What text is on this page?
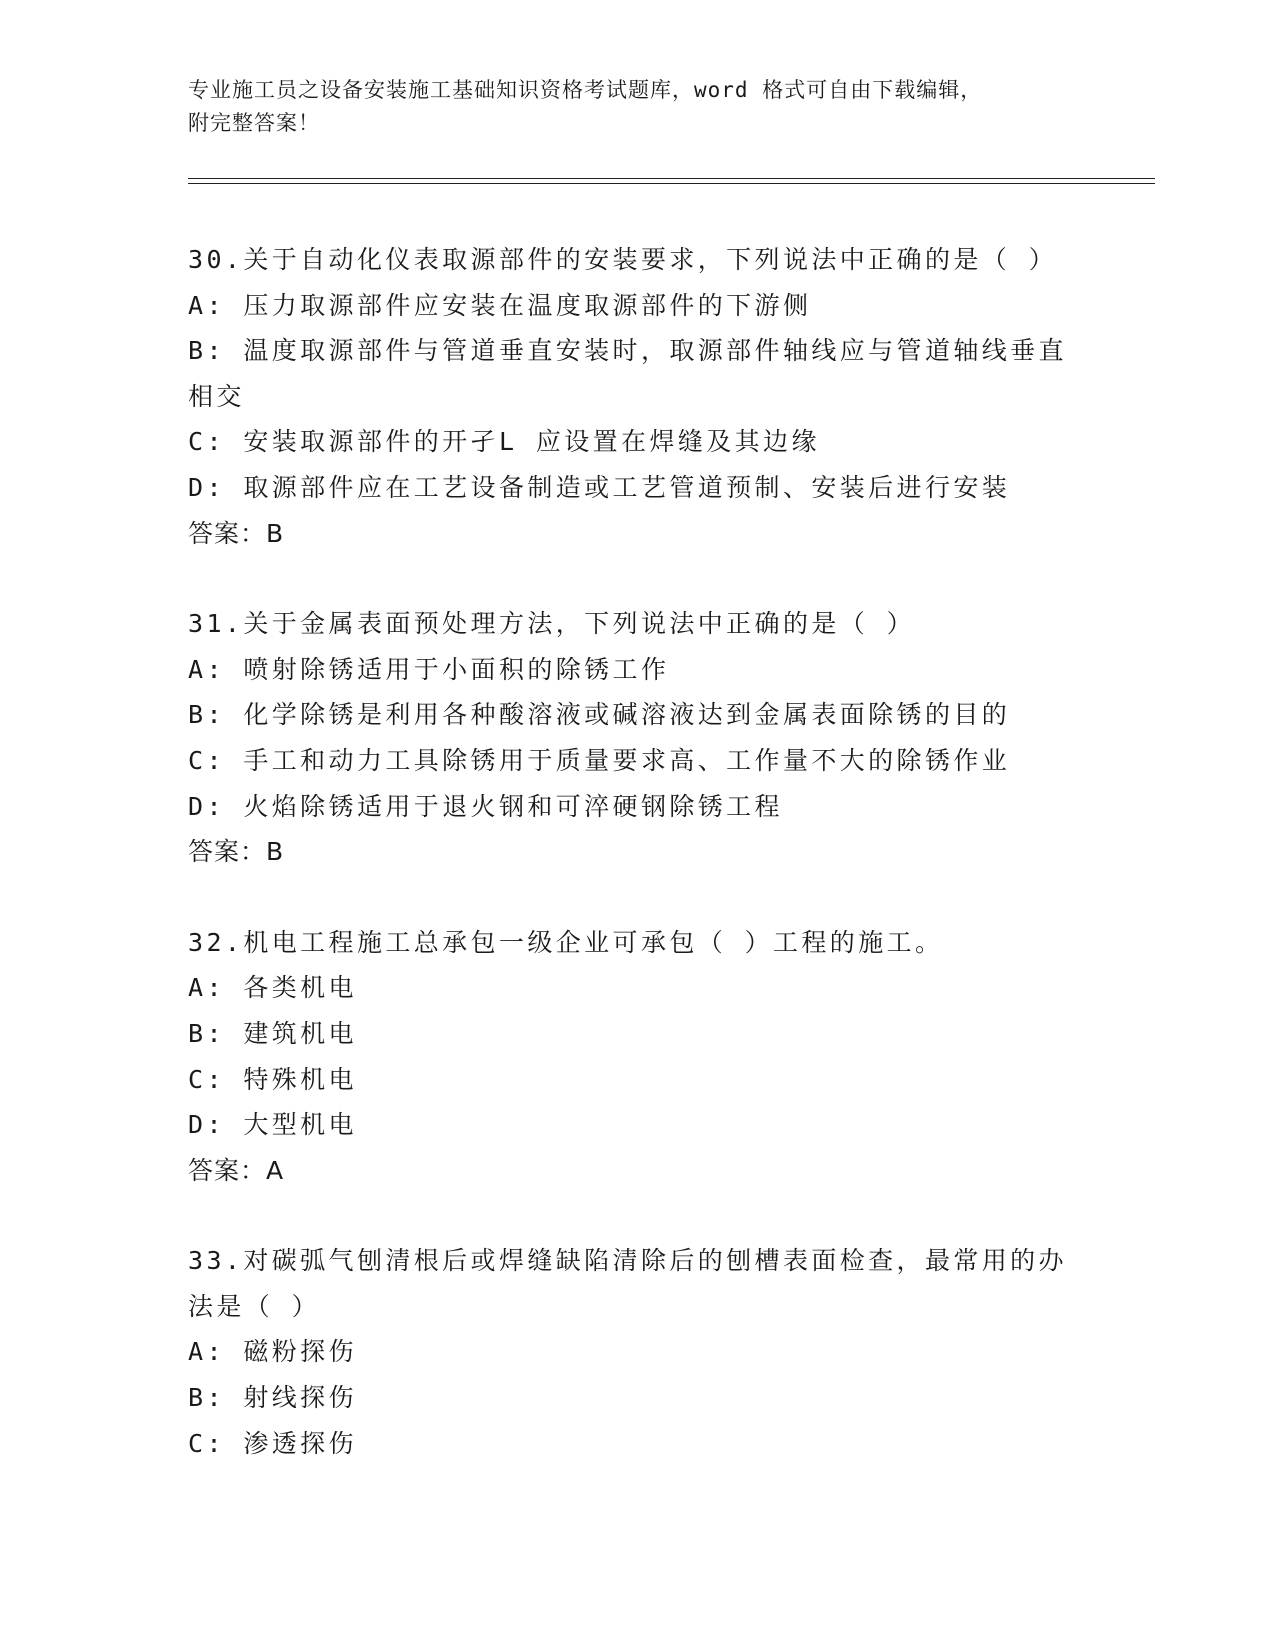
专业施工员之设备安装施工基础知识资格考试题库，word 格式可自由下载编辑，
附完整答案！
30.关于自动化仪表取源部件的安装要求，下列说法中正确的是（ ）
A: 压力取源部件应安装在温度取源部件的下游侧
B: 温度取源部件与管道垂直安装时，取源部件轴线应与管道轴线垂直
相交
C: 安装取源部件的开孑L 应设置在焊缝及其边缘
D: 取源部件应在工艺设备制造或工艺管道预制、安装后进行安装
答案：B
31.关于金属表面预处理方法，下列说法中正确的是（ ）
A: 喷射除锈适用于小面积的除锈工作
B: 化学除锈是利用各种酸溶液或碱溶液达到金属表面除锈的目的
C: 手工和动力工具除锈用于质量要求高、工作量不大的除锈作业
D: 火焰除锈适用于退火钢和可淬硬钢除锈工程
答案：B
32.机电工程施工总承包一级企业可承包（ ）工程的施工。
A: 各类机电
B: 建筑机电
C: 特殊机电
D: 大型机电
答案：A
33.对碳弧气刨清根后或焊缝缺陷清除后的刨槽表面检查，最常用的办
法是（ ）
A: 磁粉探伤
B: 射线探伤
C: 渗透探伤
